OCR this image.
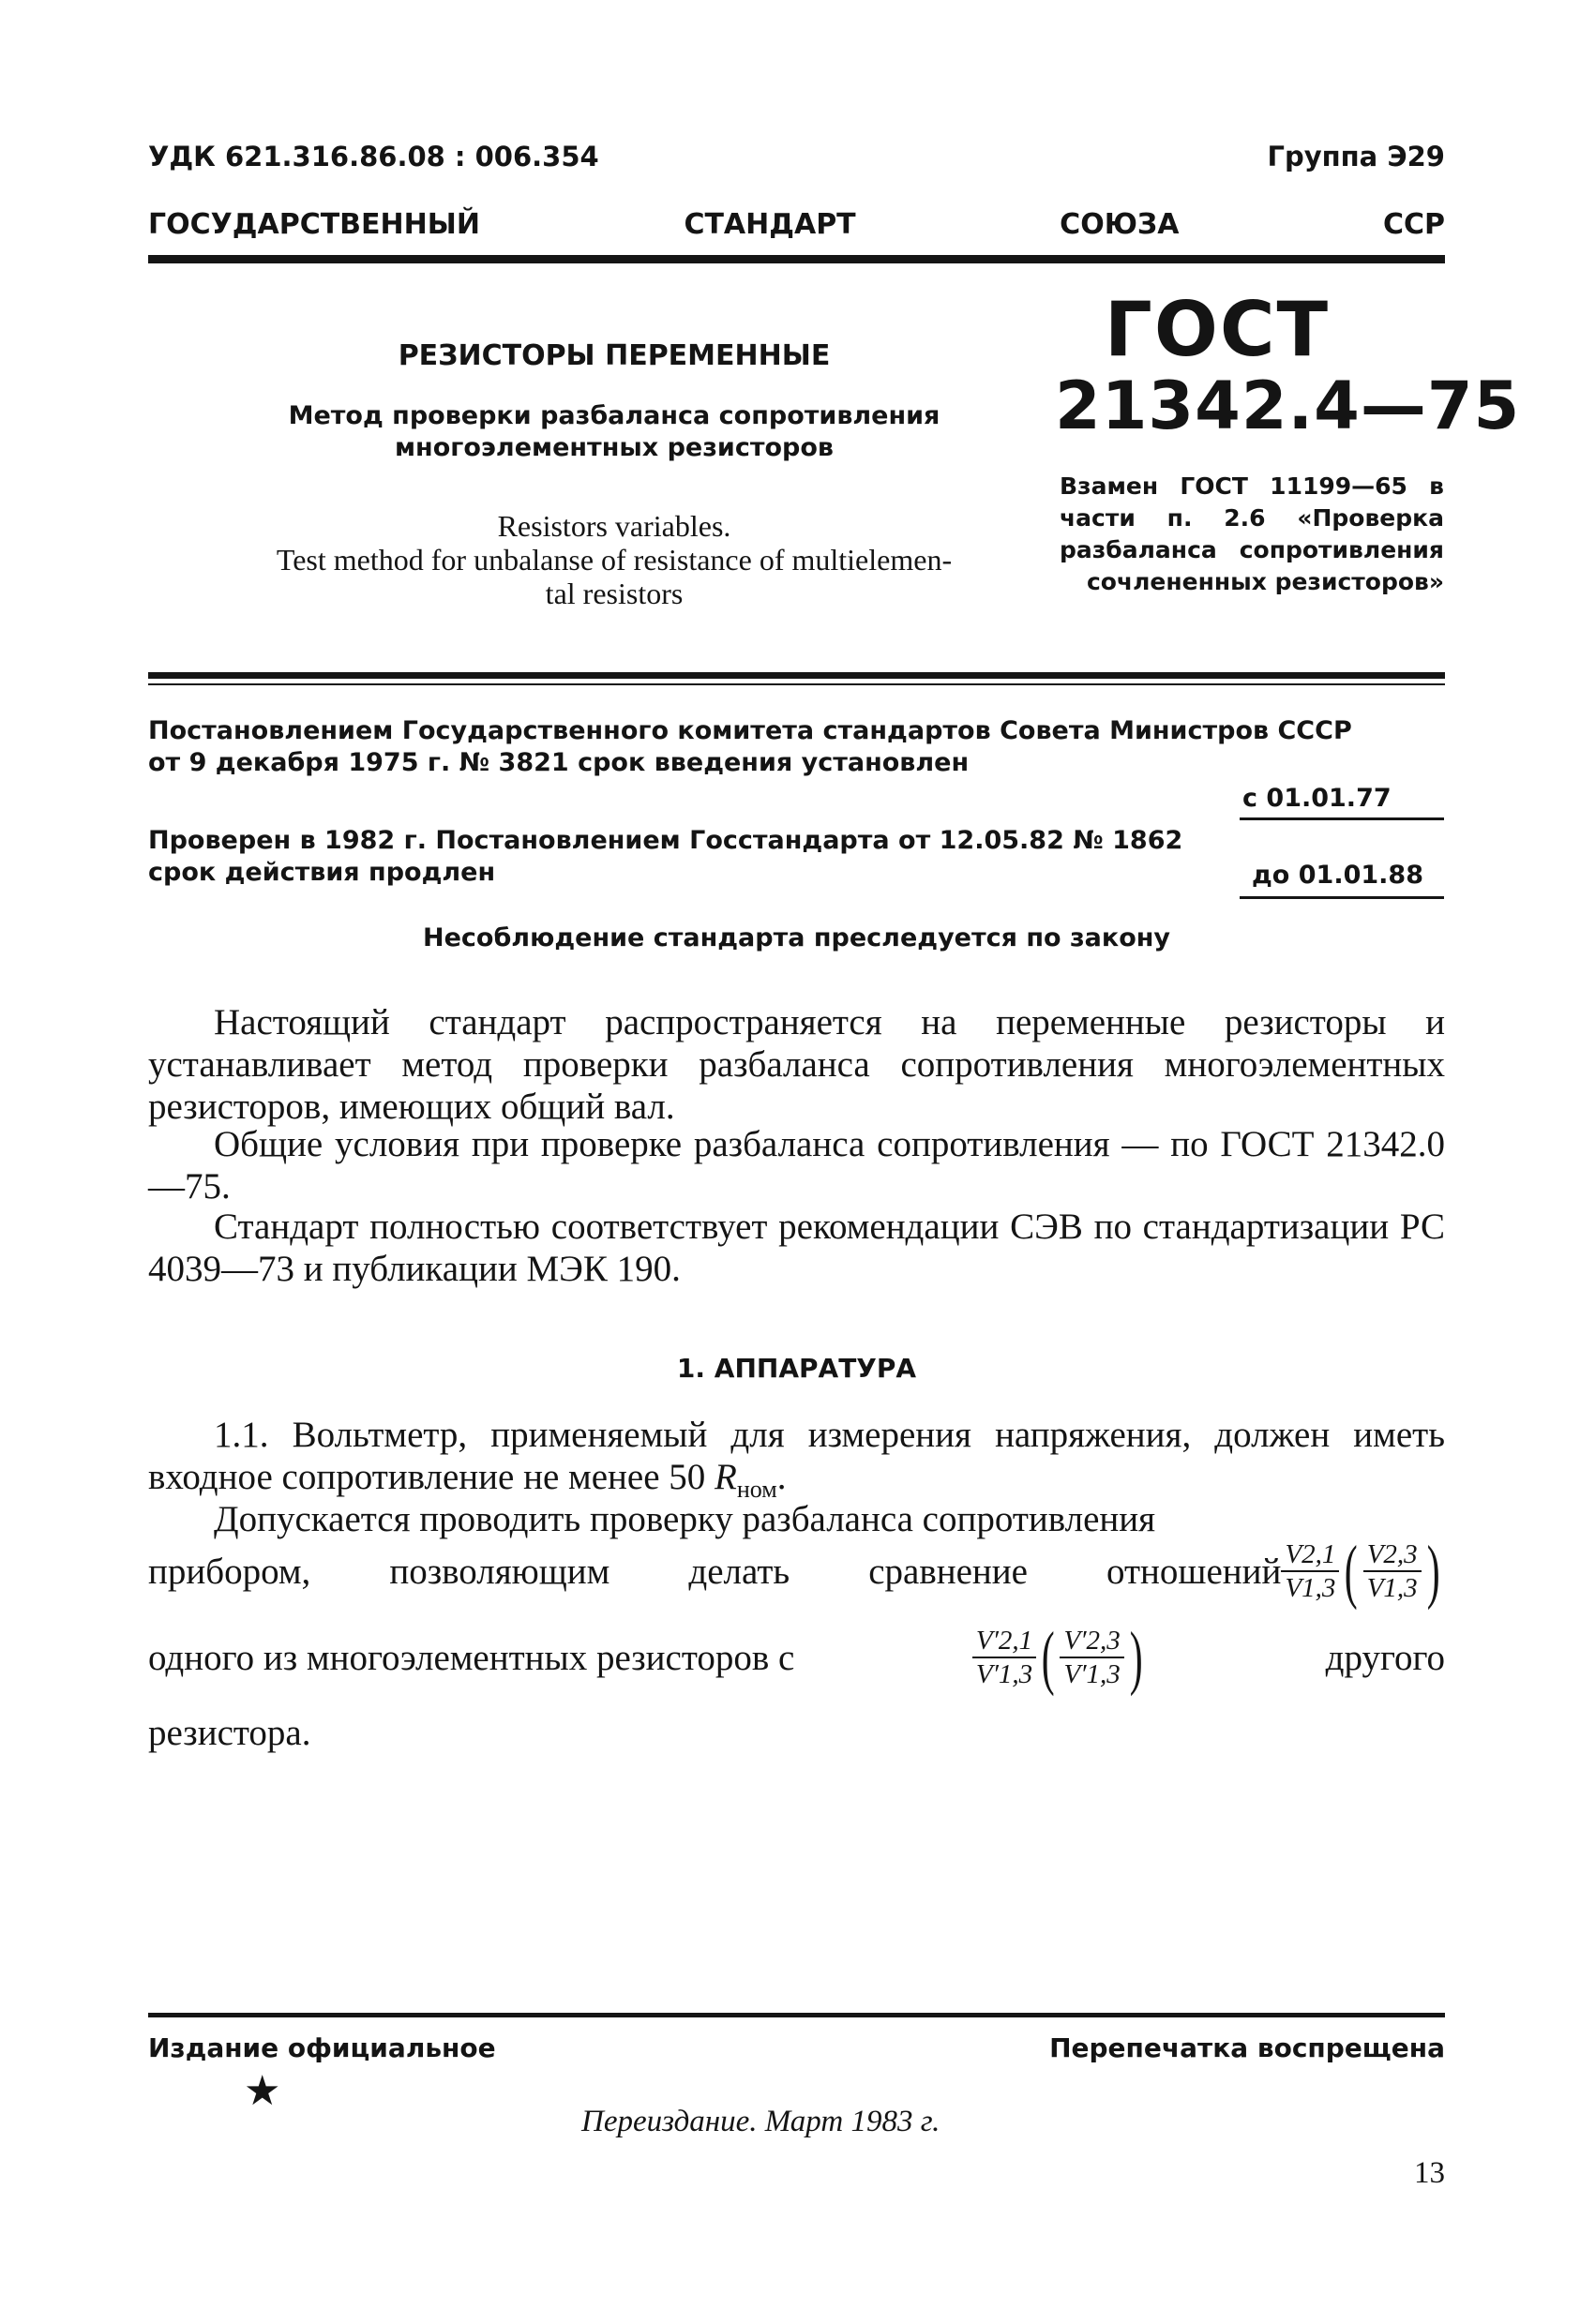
УДК 621.316.86.08 : 006.354	Группа Э29
ГОСУДАРСТВЕННЫЙ	СТАНДАРТ	СОЮЗА	ССР
РЕЗИСТОРЫ ПЕРЕМЕННЫЕ
Метод проверки разбаланса сопротивления
многоэлементных резисторов
Resistors variables.
Test method for unbalanse of resistance of multielemen-
tal resistors
ГОСТ
21342.4—75
Взамен ГОСТ 11199—65 в части п. 2.6 «Проверка разбаланса сопротивления сочлененных резисторов»
Постановлением Государственного комитета стандартов Совета Министров СССР
от 9 декабря 1975 г. № 3821 срок введения установлен
с 01.01.77
Проверен в 1982 г. Постановлением Госстандарта от 12.05.82 № 1862
срок действия продлен	до 01.01.88
Несоблюдение стандарта преследуется по закону
Настоящий стандарт распространяется на переменные резисторы и устанавливает метод проверки разбаланса сопротивления многоэлементных резисторов, имеющих общий вал.
Общие условия при проверке разбаланса сопротивления — по ГОСТ 21342.0—75.
Стандарт полностью соответствует рекомендации СЭВ по стандартизации РС 4039—73 и публикации МЭК 190.
1. АППАРАТУРА
1.1. Вольтметр, применяемый для измерения напряжения, должен иметь входное сопротивление не менее 50 $R_{ном}$.
Допускается проводить проверку разбаланса сопротивления
прибором, позволяющим делать сравнение отношений $\frac{V2,1}{V1,3}$ ( $\frac{V2,3}{V1,3}$ )
одного из многоэлементных резисторов с	$\frac{V'2,1}{V'1,3}$ ( $\frac{V'2,3}{V'1,3}$ )	другого
резистора.
Издание официальное	Перепечатка воспрещена
★
Переиздание. Март 1983 г.
13
